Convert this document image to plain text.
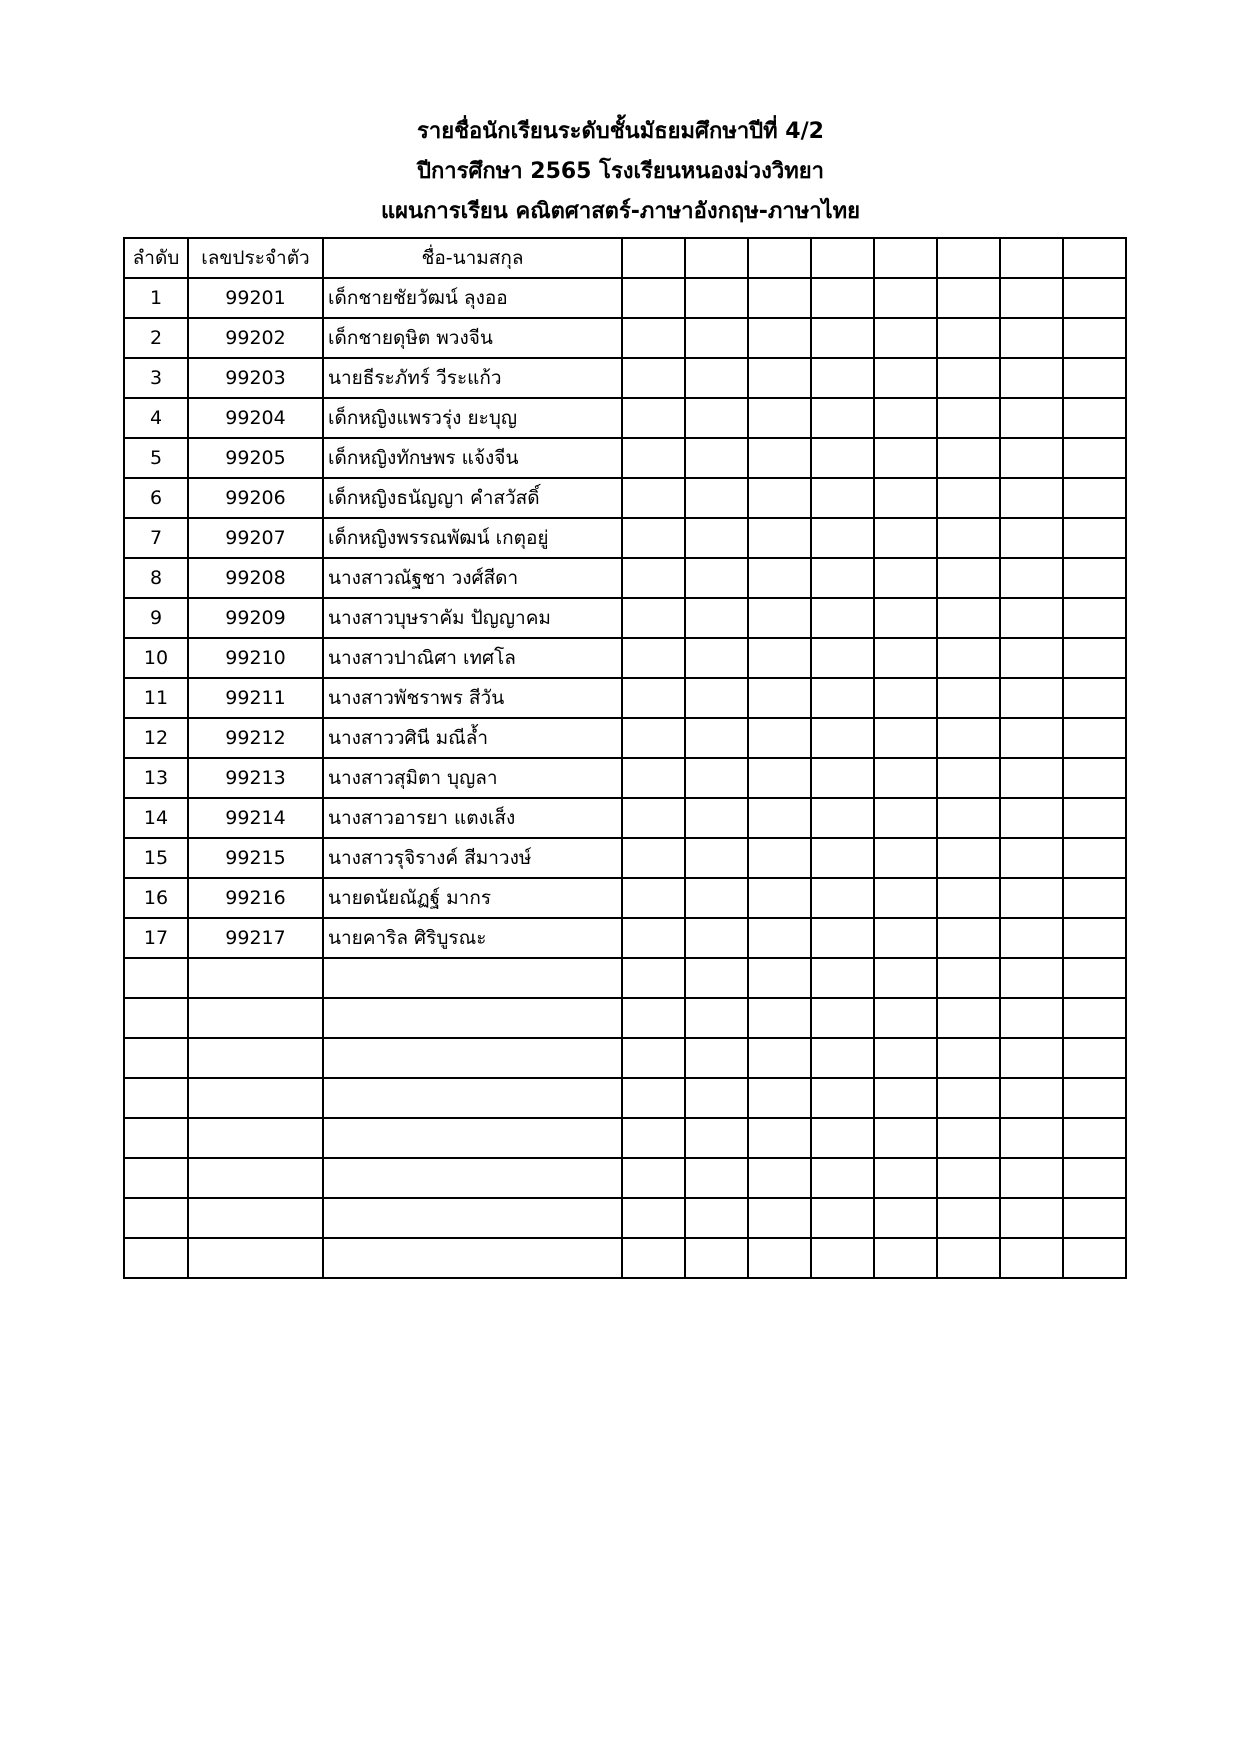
รายชื่อนักเรียนระดับชั้นมัธยมศึกษาปีที่ 4/2
ปีการศึกษา 2565 โรงเรียนหนองม่วงวิทยา
แผนการเรียน คณิตศาสตร์-ภาษาอังกฤษ-ภาษาไทย
ลำดับ	เลขประจำตัว	ชื่อ-นามสกุล								
1	99201	เด็กชายชัยวัฒน์ ลุงออ								
2	99202	เด็กชายดุษิต พวงจีน								
3	99203	นายธีระภัทร์ วีระแก้ว								
4	99204	เด็กหญิงแพรวรุ่ง ยะบุญ								
5	99205	เด็กหญิงทักษพร แจ้งจีน								
6	99206	เด็กหญิงธนัญญา คำสวัสดิ์								
7	99207	เด็กหญิงพรรณพัฒน์ เกตุอยู่								
8	99208	นางสาวณัฐชา วงศ์สีดา								
9	99209	นางสาวบุษราคัม ปัญญาคม								
10	99210	นางสาวปาณิศา เทศโล								
11	99211	นางสาวพัชราพร สีวัน								
12	99212	นางสาววศินี มณีล้ำ								
13	99213	นางสาวสุมิตา บุญลา								
14	99214	นางสาวอารยา แตงเส็ง								
15	99215	นางสาวรุจิรางค์ สีมาวงษ์								
16	99216	นายดนัยณัฏฐ์ มากร								
17	99217	นายคาริล ศิริบูรณะ								
